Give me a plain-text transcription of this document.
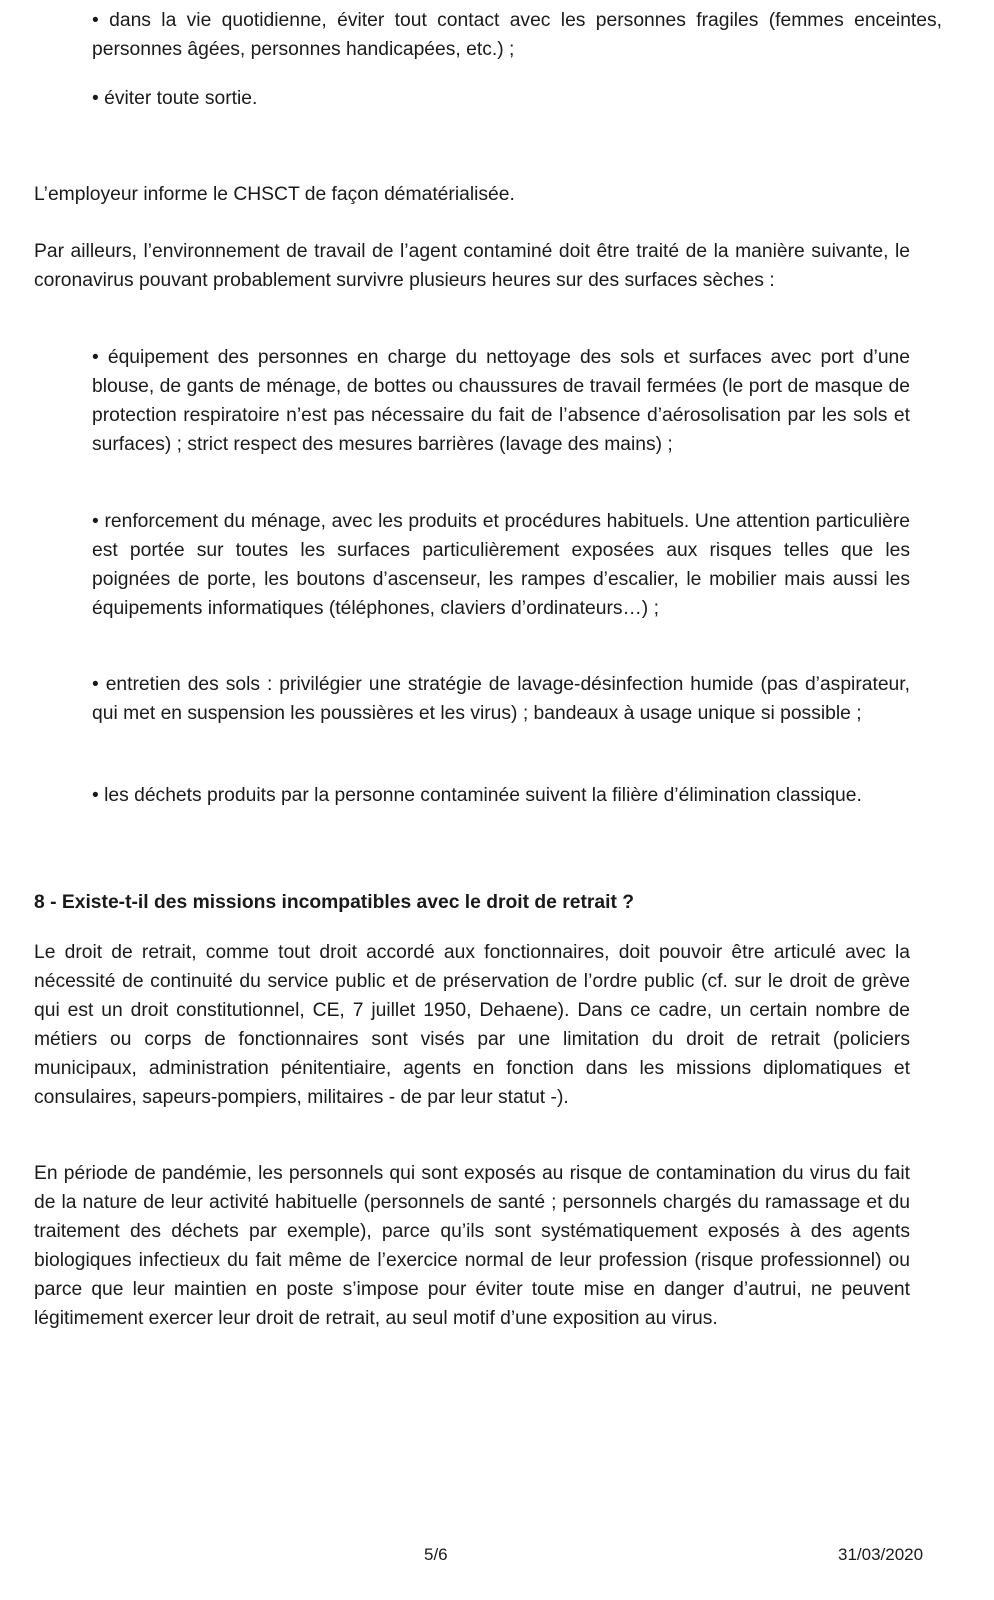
• dans la vie quotidienne, éviter tout contact avec les personnes fragiles (femmes enceintes, personnes âgées, personnes handicapées, etc.) ;

• éviter toute sortie.

L’employeur informe le CHSCT de façon dématérialisée.

Par ailleurs, l’environnement de travail de l’agent contaminé doit être traité de la manière suivante, le coronavirus pouvant probablement survivre plusieurs heures sur des surfaces sèches :

• équipement des personnes en charge du nettoyage des sols et surfaces avec port d’une blouse, de gants de ménage, de bottes ou chaussures de travail fermées (le port de masque de protection respiratoire n’est pas nécessaire du fait de l’absence d’aérosolisation par les sols et surfaces) ; strict respect des mesures barrières (lavage des mains) ;

• renforcement du ménage, avec les produits et procédures habituels. Une attention particulière est portée sur toutes les surfaces particulièrement exposées aux risques telles que les poignées de porte, les boutons d’ascenseur, les rampes d’escalier, le mobilier mais aussi les équipements informatiques (téléphones, claviers d’ordinateurs…) ;

• entretien des sols : privilégier une stratégie de lavage-désinfection humide (pas d’aspirateur, qui met en suspension les poussières et les virus) ; bandeaux à usage unique si possible ;

• les déchets produits par la personne contaminée suivent la filière d’élimination classique.

8 - Existe-t-il des missions incompatibles avec le droit de retrait ?

Le droit de retrait, comme tout droit accordé aux fonctionnaires, doit pouvoir être articulé avec la nécessité de continuité du service public et de préservation de l’ordre public (cf. sur le droit de grève qui est un droit constitutionnel, CE, 7 juillet 1950, Dehaene). Dans ce cadre, un certain nombre de métiers ou corps de fonctionnaires sont visés par une limitation du droit de retrait (policiers municipaux, administration pénitentiaire, agents en fonction dans les missions diplomatiques et consulaires, sapeurs-pompiers, militaires - de par leur statut -).

En période de pandémie, les personnels qui sont exposés au risque de contamination du virus du fait de la nature de leur activité habituelle (personnels de santé ; personnels chargés du ramassage et du traitement des déchets par exemple), parce qu’ils sont systématiquement exposés à des agents biologiques infectieux du fait même de l’exercice normal de leur profession (risque professionnel) ou parce que leur maintien en poste s’impose pour éviter toute mise en danger d’autrui, ne peuvent légitimement exercer leur droit de retrait, au seul motif d’une exposition au virus.

5/6	31/03/2020
